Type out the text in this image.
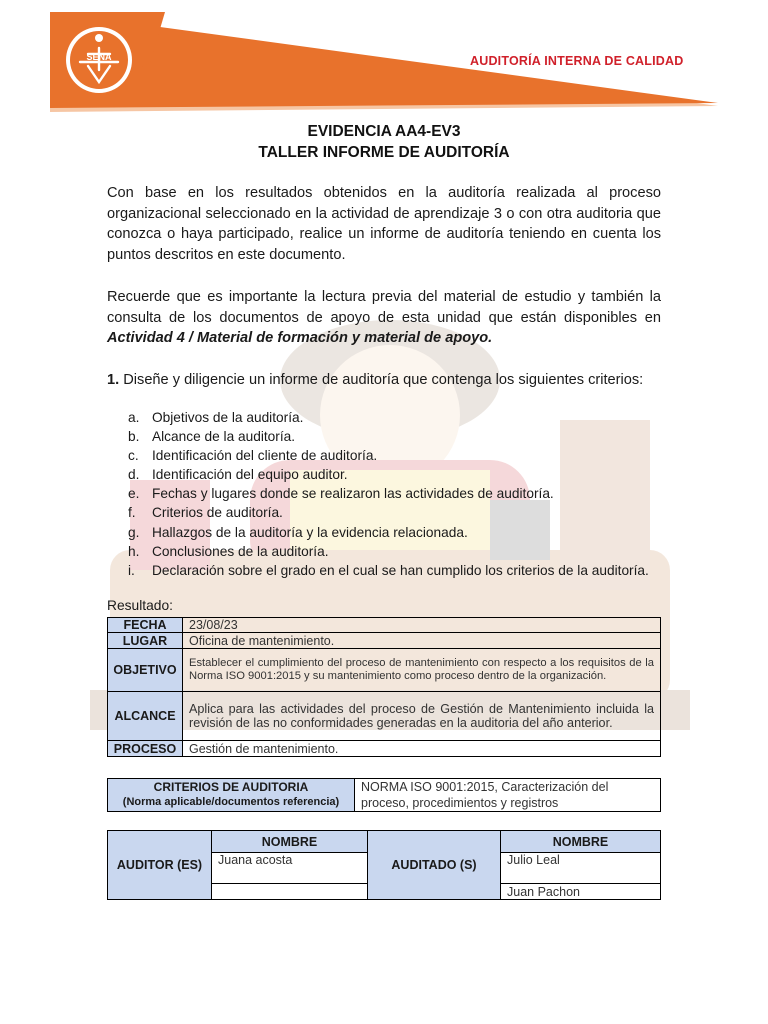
SENA	AUDITORÍA INTERNA DE CALIDAD
EVIDENCIA AA4-EV3
TALLER INFORME DE AUDITORÍA

Con base en los resultados obtenidos en la auditoría realizada al proceso organizacional seleccionado en la actividad de aprendizaje 3 o con otra auditoria que conozca o haya participado, realice un informe de auditoría teniendo en cuenta los puntos descritos en este documento.

Recuerde que es importante la lectura previa del material de estudio y también la consulta de los documentos de apoyo de esta unidad que están disponibles en Actividad 4 / Material de formación y material de apoyo.

1. Diseñe y diligencie un informe de auditoría que contenga los siguientes criterios:

a. Objetivos de la auditoría.
b. Alcance de la auditoría.
c. Identificación del cliente de auditoría.
d. Identificación del equipo auditor.
e. Fechas y lugares donde se realizaron las actividades de auditoría.
f. Criterios de auditoría.
g. Hallazgos de la auditoría y la evidencia relacionada.
h. Conclusiones de la auditoría.
i. Declaración sobre el grado en el cual se han cumplido los criterios de la auditoría.
Resultado:
FECHA	23/08/23
LUGAR	Oficina de mantenimiento.
OBJETIVO	Establecer el cumplimiento del proceso de mantenimiento con respecto a los requisitos de la Norma ISO 9001:2015 y su mantenimiento como proceso dentro de la organización.
ALCANCE	Aplica para las actividades del proceso de Gestión de Mantenimiento incluida la revisión de las no conformidades generadas en la auditoria del año anterior.
PROCESO	Gestión de mantenimiento.
CRITERIOS DE AUDITORIA
(Norma aplicable/documentos referencia)
	NORMA ISO 9001:2015, Caracterización del proceso, procedimientos y registros
AUDITOR (ES)	NOMBRE	AUDITADO (S)	NOMBRE
	Juana acosta		Julio Leal
			Juan Pachon
